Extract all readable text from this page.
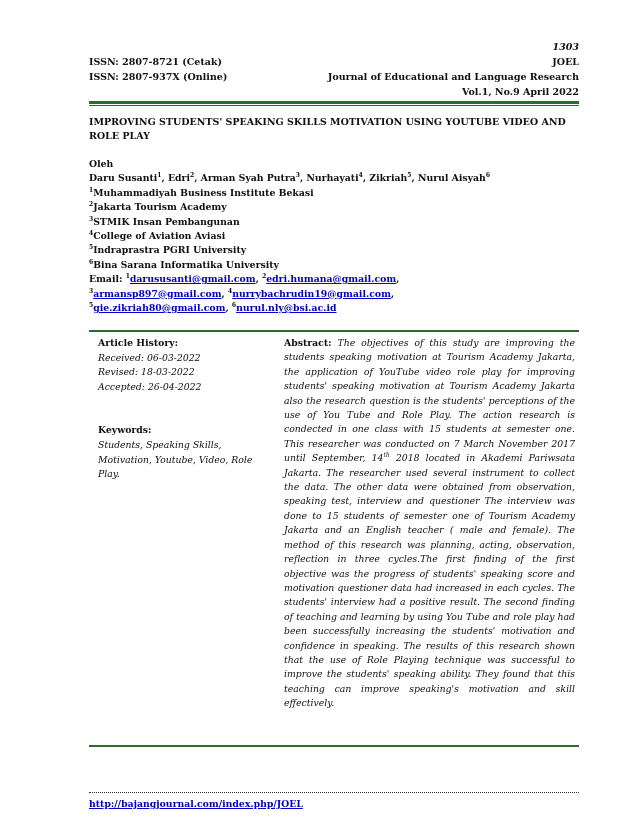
1303
ISSN: 2807-8721 (Cetak)	JOEL
ISSN: 2807-937X (Online)	Journal of Educational and Language Research
Vol.1, No.9 April 2022
IMPROVING STUDENTS' SPEAKING SKILLS MOTIVATION USING YOUTUBE VIDEO AND ROLE PLAY
Oleh
Daru Susanti$^1$, Edri$^2$, Arman Syah Putra$^3$, Nurhayati$^4$, Zikriah$^5$, Nurul Aisyah$^6$
$^1$Muhammadiyah Business Institute Bekasi
$^2$Jakarta Tourism Academy
$^3$STMIK Insan Pembangunan
$^4$College of Aviation Aviasi
$^5$Indraprastra PGRI University
$^6$Bina Sarana Informatika University
Email: $^1$darususanti@gmail.com, $^2$edri.humana@gmail.com,
$^3$armansp897@gmail.com, $^4$nurrybachrudin19@gmail.com,
$^5$gie.zikriah80@gmail.com, $^6$nurul.nly@bsi.ac.id
Article History:
Received: 06-03-2022
Revised: 18-03-2022
Accepted: 26-04-2022
Keywords:
Students, Speaking Skills, Motivation, Youtube, Video, Role Play.
Abstract: The objectives of this study are improving the students speaking motivation at Tourism Academy Jakarta, the application of YouTube video role play for improving students' speaking motivation at Tourism Academy Jakarta also the research question is the students' perceptions of the use of You Tube and Role Play. The action research is condected in one class with 15 students at semester one. This researcher was conducted on 7 March November 2017 until September, 14th 2018 located in Akademi Pariwsata Jakarta. The researcher used several instrument to collect the data. The other data were obtained from observation, speaking test, interview and questioner The interview was done to 15 students of semester one of Tourism Academy Jakarta and an English teacher ( male and female). The method of this research was planning, acting, observation, reflection in three cycles.The first finding of the first objective was the progress of students' speaking score and motivation questioner data had increased in each cycles. The students' interview had a positive result. The second finding of teaching and learning by using You Tube and role play had been successfully increasing the students' motivation and confidence in speaking. The results of this research shown that the use of Role Playing technique was successful to improve the students' speaking ability. They found that this teaching can improve speaking's motivation and skill effectively.
http://bajangjournal.com/index.php/JOEL
